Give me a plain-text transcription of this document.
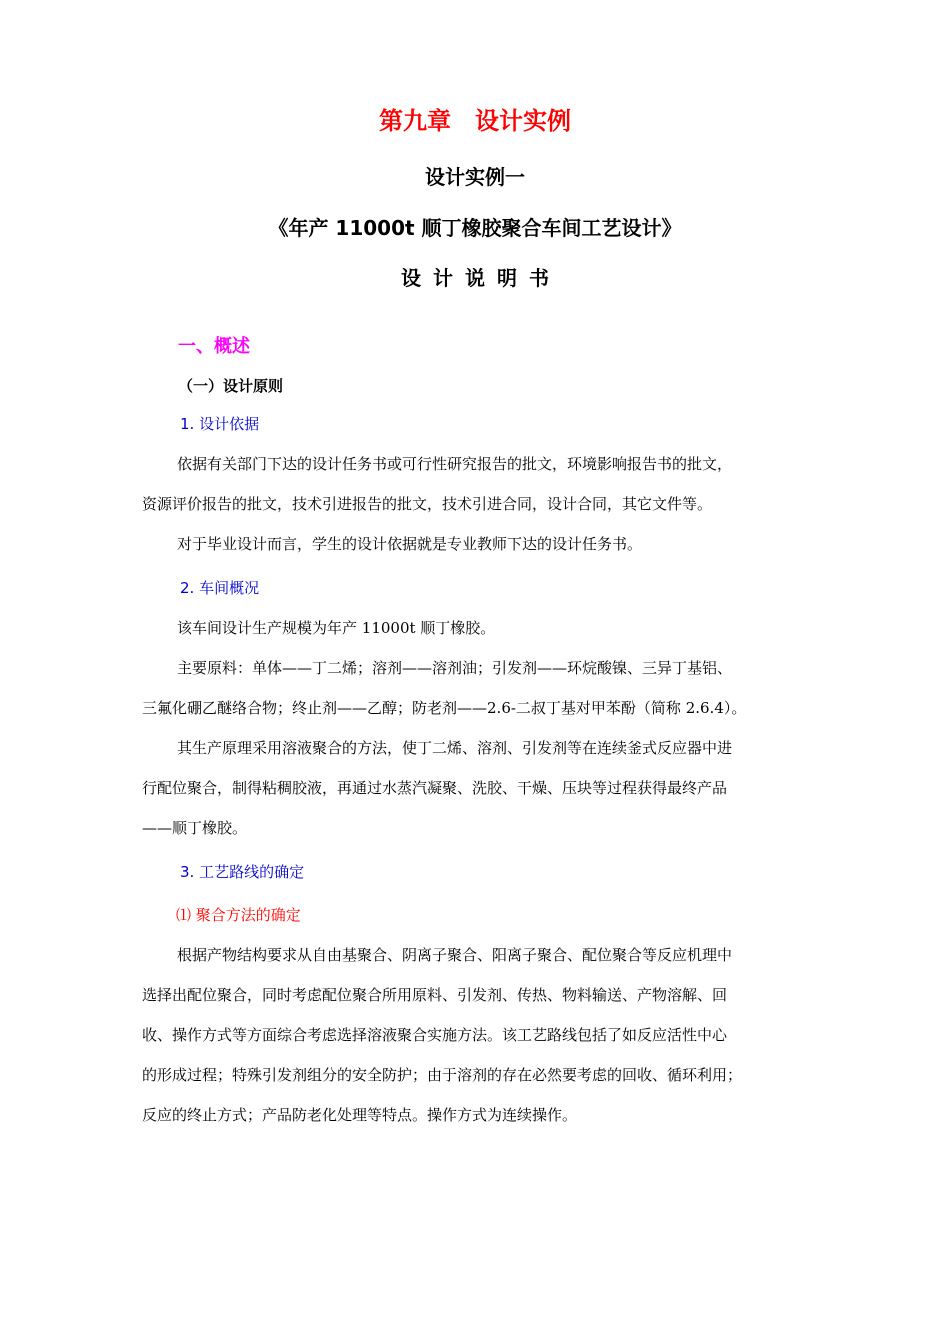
第九章　设计实例
设计实例一
《年产 11000t 顺丁橡胶聚合车间工艺设计》
设计说明书
一、概述
（一）设计原则
1. 设计依据
依据有关部门下达的设计任务书或可行性研究报告的批文，环境影响报告书的批文，
资源评价报告的批文，技术引进报告的批文，技术引进合同，设计合同，其它文件等。
对于毕业设计而言，学生的设计依据就是专业教师下达的设计任务书。
2. 车间概况
该车间设计生产规模为年产 11000t 顺丁橡胶。
主要原料：单体——丁二烯；溶剂——溶剂油；引发剂——环烷酸镍、三异丁基铝、
三氟化硼乙醚络合物；终止剂——乙醇；防老剂——2.6-二叔丁基对甲苯酚（简称 2.6.4）。
其生产原理采用溶液聚合的方法，使丁二烯、溶剂、引发剂等在连续釜式反应器中进
行配位聚合，制得粘稠胶液，再通过水蒸汽凝聚、洗胶、干燥、压块等过程获得最终产品
——顺丁橡胶。
3. 工艺路线的确定
⑴ 聚合方法的确定
根据产物结构要求从自由基聚合、阴离子聚合、阳离子聚合、配位聚合等反应机理中
选择出配位聚合，同时考虑配位聚合所用原料、引发剂、传热、物料输送、产物溶解、回
收、操作方式等方面综合考虑选择溶液聚合实施方法。该工艺路线包括了如反应活性中心
的形成过程；特殊引发剂组分的安全防护；由于溶剂的存在必然要考虑的回收、循环利用；
反应的终止方式；产品防老化处理等特点。操作方式为连续操作。
